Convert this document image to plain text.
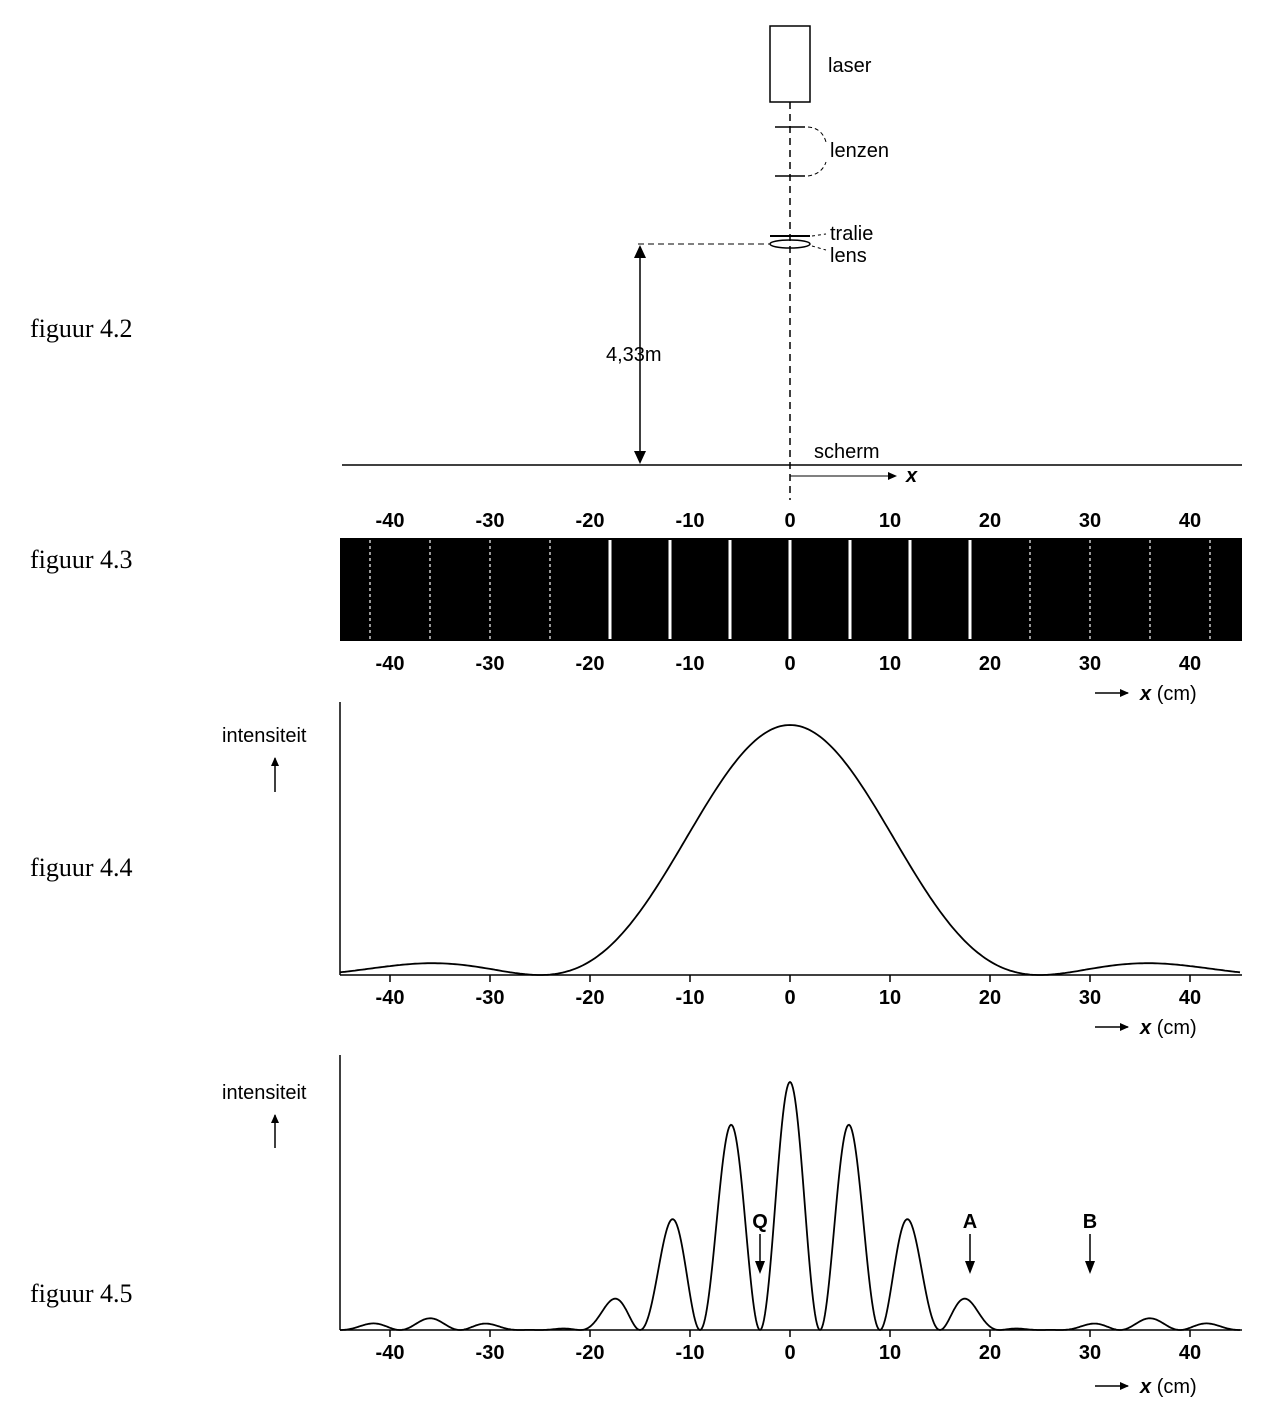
figuur 4.2
figuur 4.3
figuur 4.4
figuur 4.5
laser
lenzen
tralie
lens
4,33m
scherm
x
-40	-30	-20	-10	0	10	20	30	40
-40	-30	-20	-10	0	10	20	30	40
x (cm)
intensiteit
-40	-30	-20	-10	0	10	20	30	40
x (cm)
intensiteit
Q	A	B
-40	-30	-20	-10	0	10	20	30	40
x (cm)
